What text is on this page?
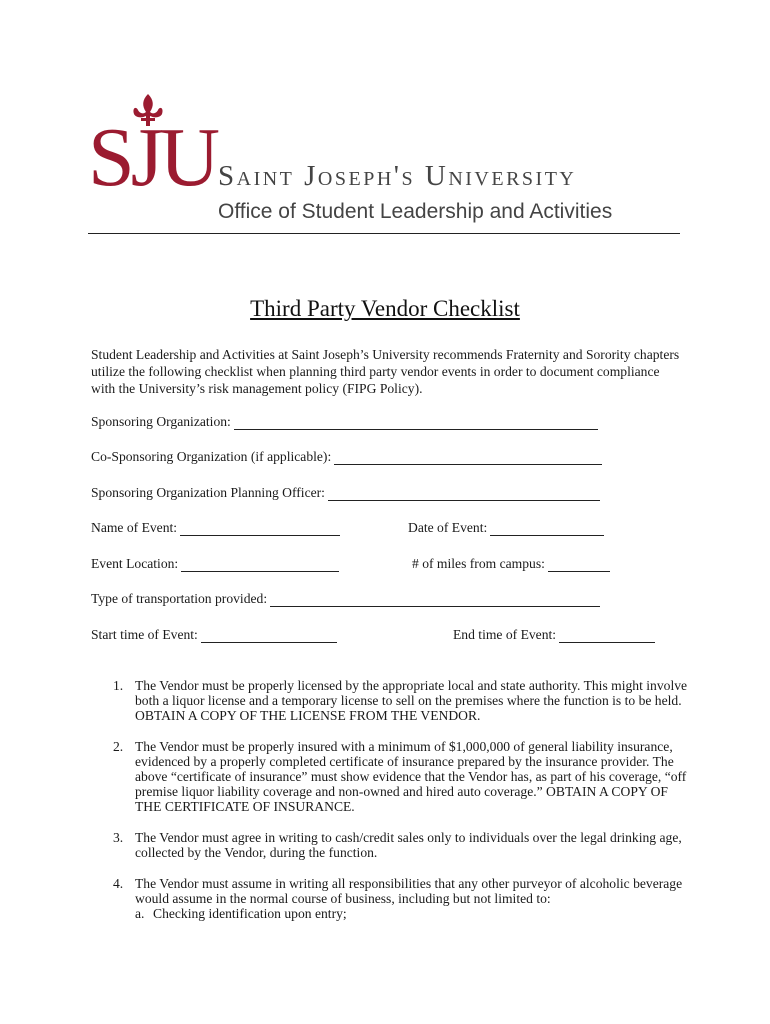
SJU Saint Joseph's University
Office of Student Leadership and Activities
Third Party Vendor Checklist
Student Leadership and Activities at Saint Joseph’s University recommends Fraternity and Sorority chapters utilize the following checklist when planning third party vendor events in order to document compliance with the University’s risk management policy (FIPG Policy).
Sponsoring Organization:
Co-Sponsoring Organization (if applicable):
Sponsoring Organization Planning Officer:
Name of Event:	Date of Event:
Event Location:	# of miles from campus:
Type of transportation provided:
Start time of Event:	End time of Event:
1. The Vendor must be properly licensed by the appropriate local and state authority. This might involve both a liquor license and a temporary license to sell on the premises where the function is to be held. OBTAIN A COPY OF THE LICENSE FROM THE VENDOR.
2. The Vendor must be properly insured with a minimum of $1,000,000 of general liability insurance, evidenced by a properly completed certificate of insurance prepared by the insurance provider. The above “certificate of insurance” must show evidence that the Vendor has, as part of his coverage, “off premise liquor liability coverage and non-owned and hired auto coverage.” OBTAIN A COPY OF THE CERTIFICATE OF INSURANCE.
3. The Vendor must agree in writing to cash/credit sales only to individuals over the legal drinking age, collected by the Vendor, during the function.
4. The Vendor must assume in writing all responsibilities that any other purveyor of alcoholic beverage would assume in the normal course of business, including but not limited to:
a. Checking identification upon entry;
